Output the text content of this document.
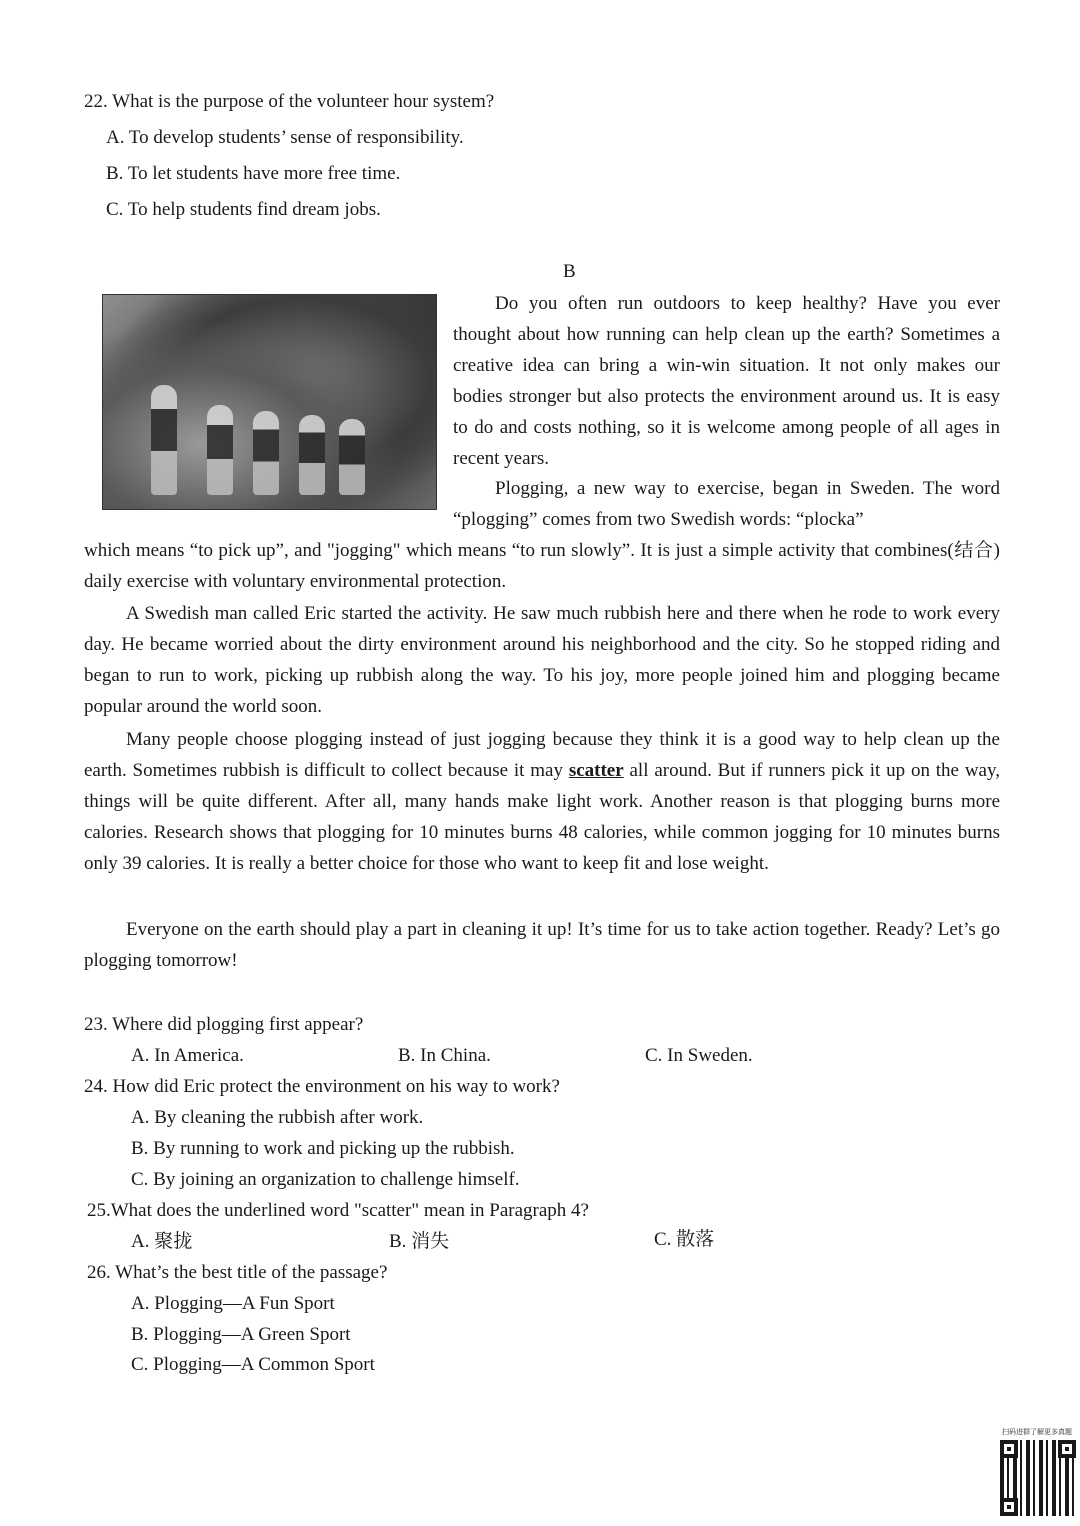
22. What is the purpose of the volunteer hour system?
A. To develop students’ sense of responsibility.
B. To let students have more free time.
C. To help students find dream jobs.
B

Do you often run outdoors to keep healthy? Have you ever thought about how running can help clean up the earth? Sometimes a creative idea can bring a win-win situation. It not only makes our bodies stronger but also protects the environment around us. It is easy to do and costs nothing, so it is welcome among people of all ages in recent years.

Plogging, a new way to exercise, began in Sweden. The word “plogging” comes from two Swedish words: “plocka”

which means “to pick up”, and "jogging" which means “to run slowly”. It is just a simple activity that combines(结合) daily exercise with voluntary environmental protection.

A Swedish man called Eric started the activity. He saw much rubbish here and there when he rode to work every day. He became worried about the dirty environment around his neighborhood and the city. So he stopped riding and began to run to work, picking up rubbish along the way. To his joy, more people joined him and plogging became popular around the world soon.

Many people choose plogging instead of just jogging because they think it is a good way to help clean up the earth. Sometimes rubbish is difficult to collect because it may scatter all around. But if runners pick it up on the way, things will be quite different. After all, many hands make light work. Another reason is that plogging burns more calories. Research shows that plogging for 10 minutes burns 48 calories, while common jogging for 10 minutes burns only 39 calories. It is really a better choice for those who want to keep fit and lose weight.

Everyone on the earth should play a part in cleaning it up! It’s time for us to take action together. Ready? Let’s go plogging tomorrow!

23. Where did plogging first appear?
A. In America.	B. In China.	C. In Sweden.
24. How did Eric protect the environment on his way to work?
A. By cleaning the rubbish after work.
B. By running to work and picking up the rubbish.
C. By joining an organization to challenge himself.
25.What does the underlined word "scatter" mean in Paragraph 4?
A. 聚拢	B. 消失	C. 散落
26. What’s the best title of the passage?
A. Plogging—A Fun Sport
B. Plogging—A Green Sport
C. Plogging—A Common Sport
扫码进群了解更多真题
